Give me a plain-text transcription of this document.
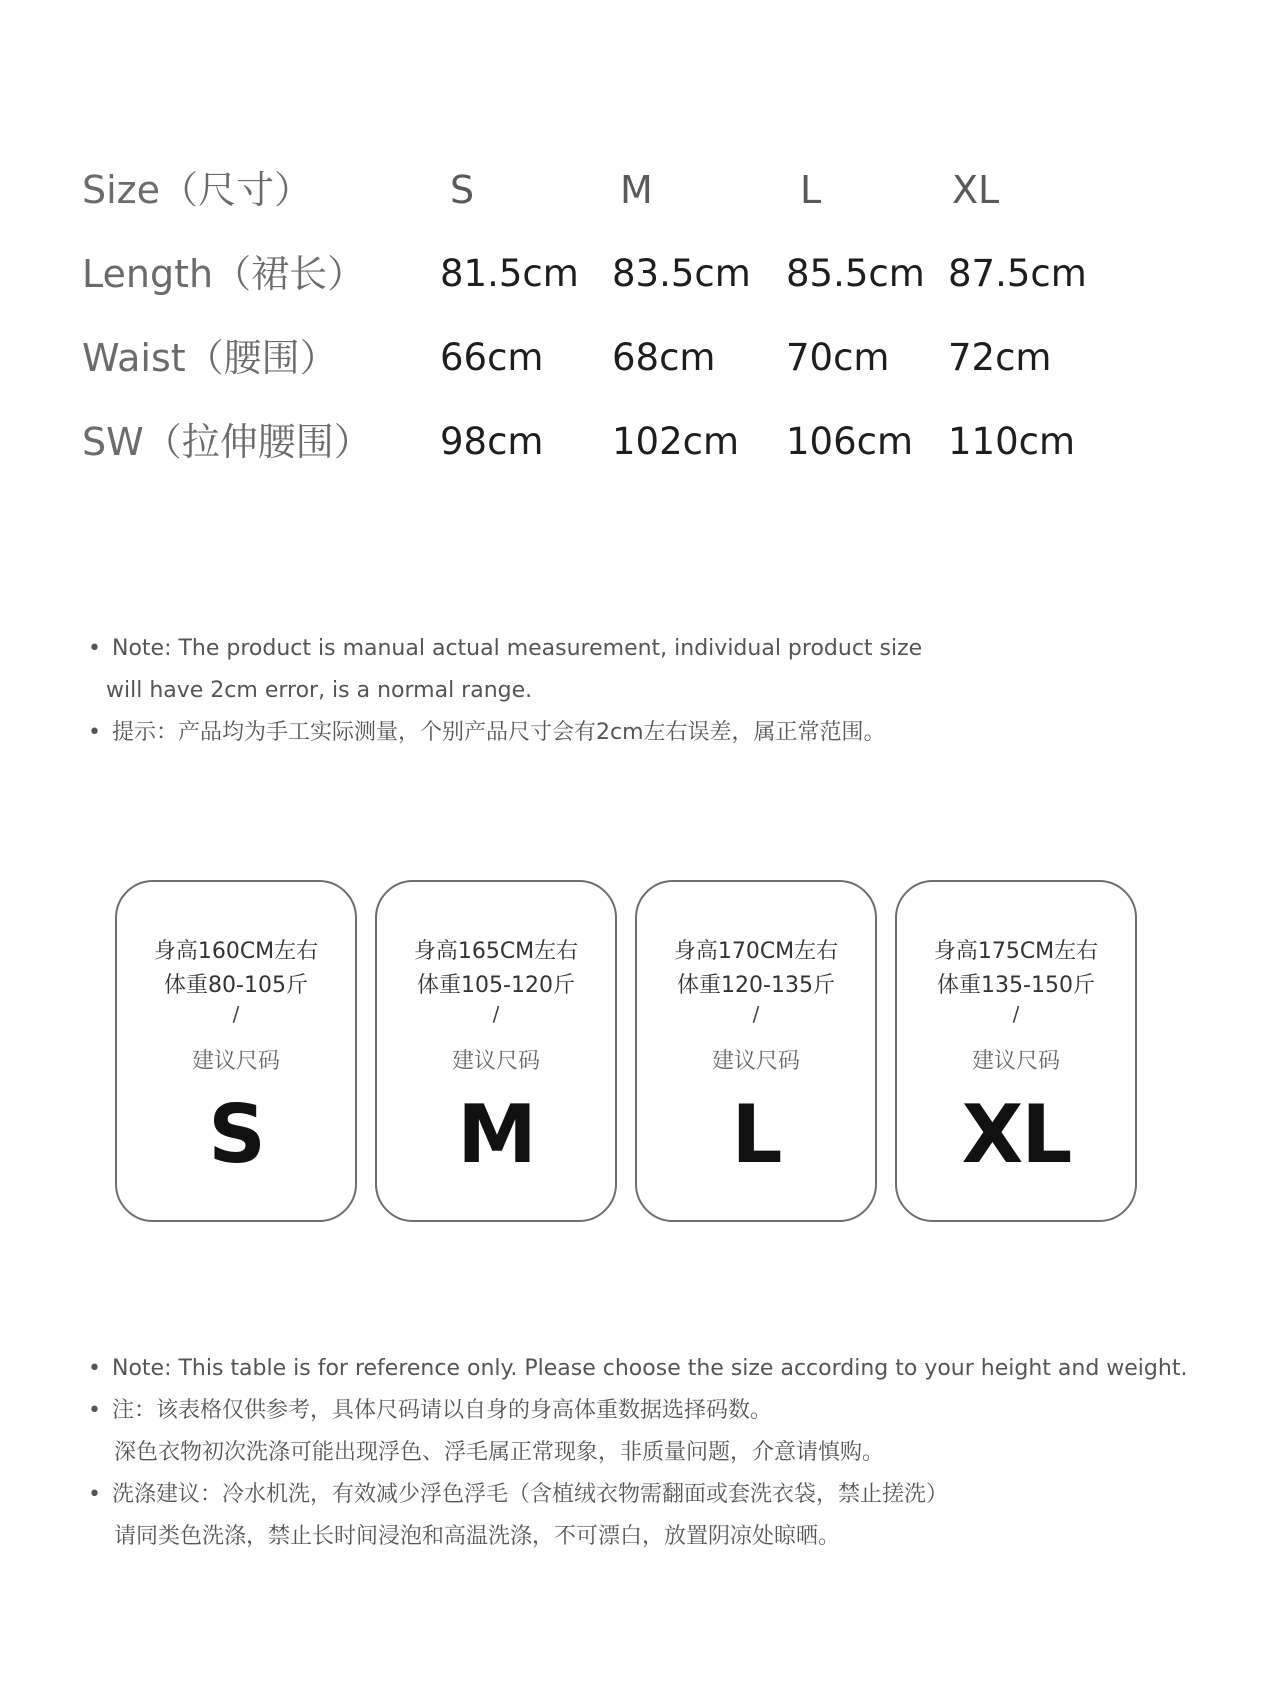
Size（尺寸）	S	M	L	XL
Length（裙长） 81.5cm 83.5cm 85.5cm 87.5cm
Waist（腰围）	66cm 68cm 70cm 72cm
SW（拉伸腰围） 98cm 102cm 106cm 110cm
• Note: The product is manual actual measurement, individual product size
will have 2cm error, is a normal range.
• 提示：产品均为手工实际测量，个别产品尺寸会有2cm左右误差，属正常范围。
身高160CM左右
体重80-105斤
/
建议尺码
S
身高165CM左右
体重105-120斤
/
建议尺码
M
身高170CM左右
体重120-135斤
/
建议尺码
L
身高175CM左右
体重135-150斤
/
建议尺码
XL
• Note: This table is for reference only. Please choose the size according to your height and weight.
• 注：该表格仅供参考，具体尺码请以自身的身高体重数据选择码数。
深色衣物初次洗涤可能出现浮色、浮毛属正常现象，非质量问题，介意请慎购。
• 洗涤建议：冷水机洗，有效减少浮色浮毛（含植绒衣物需翻面或套洗衣袋，禁止搓洗）
请同类色洗涤，禁止长时间浸泡和高温洗涤，不可漂白，放置阴凉处晾晒。
